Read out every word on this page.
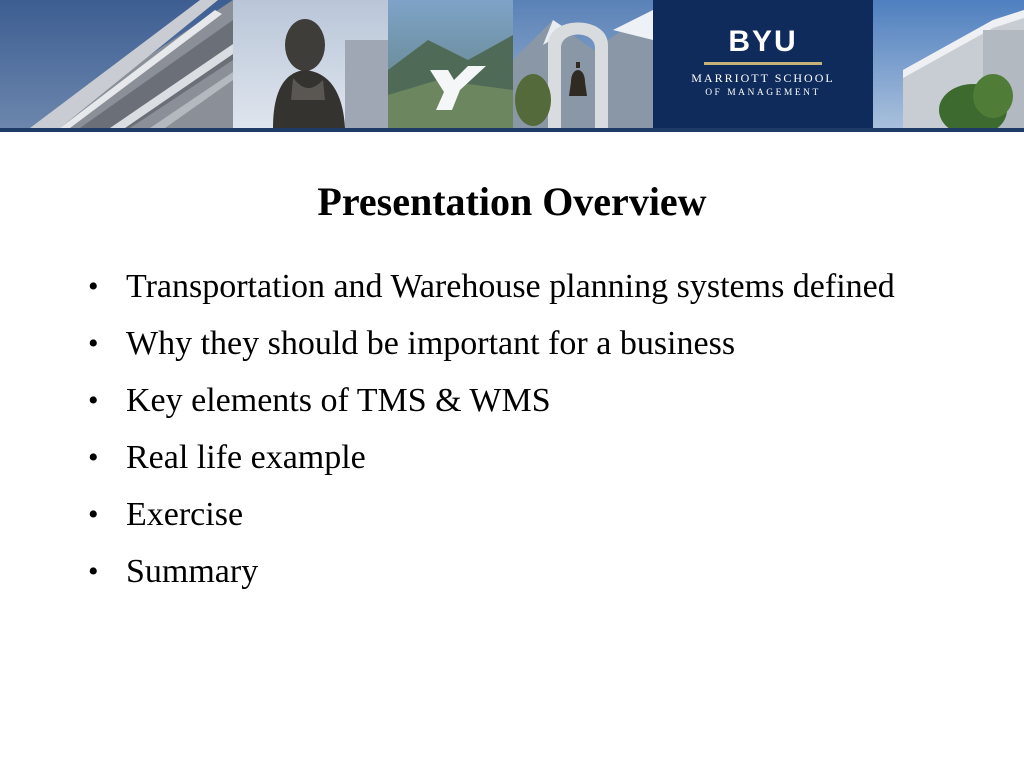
BYU
MARRIOTT SCHOOL
OF MANAGEMENT
Presentation Overview
• Transportation and Warehouse planning systems defined
• Why they should be important for a business
• Key elements of TMS & WMS
• Real life example
• Exercise
• Summary
